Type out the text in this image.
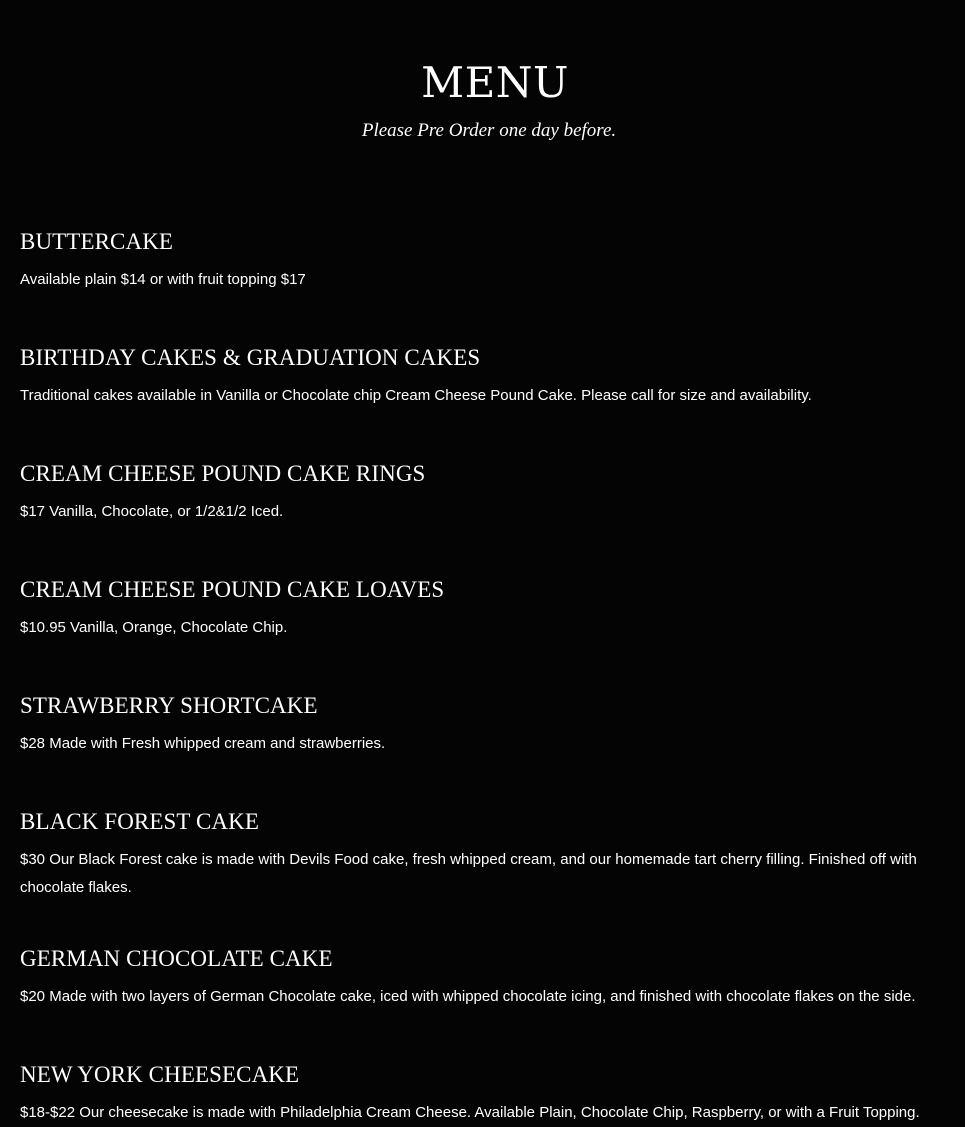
MENU

Please Pre Order one day before.

BUTTERCAKE

Available plain $14 or with fruit topping $17

BIRTHDAY CAKES & GRADUATION CAKES

Traditional cakes available in Vanilla or Chocolate chip Cream Cheese Pound Cake. Please call for size and availability.

CREAM CHEESE POUND CAKE RINGS

$17 Vanilla, Chocolate, or 1/2&1/2 Iced.

CREAM CHEESE POUND CAKE LOAVES

$10.95 Vanilla, Orange, Chocolate Chip.

STRAWBERRY SHORTCAKE

$28 Made with Fresh whipped cream and strawberries.

BLACK FOREST CAKE

$30 Our Black Forest cake is made with Devils Food cake, fresh whipped cream, and our homemade tart cherry filling. Finished off with chocolate flakes.

GERMAN CHOCOLATE CAKE

$20 Made with two layers of German Chocolate cake, iced with whipped chocolate icing, and finished with chocolate flakes on the side.

NEW YORK CHEESECAKE

$18-$22 Our cheesecake is made with Philadelphia Cream Cheese. Available Plain, Chocolate Chip, Raspberry, or with a Fruit Topping.
